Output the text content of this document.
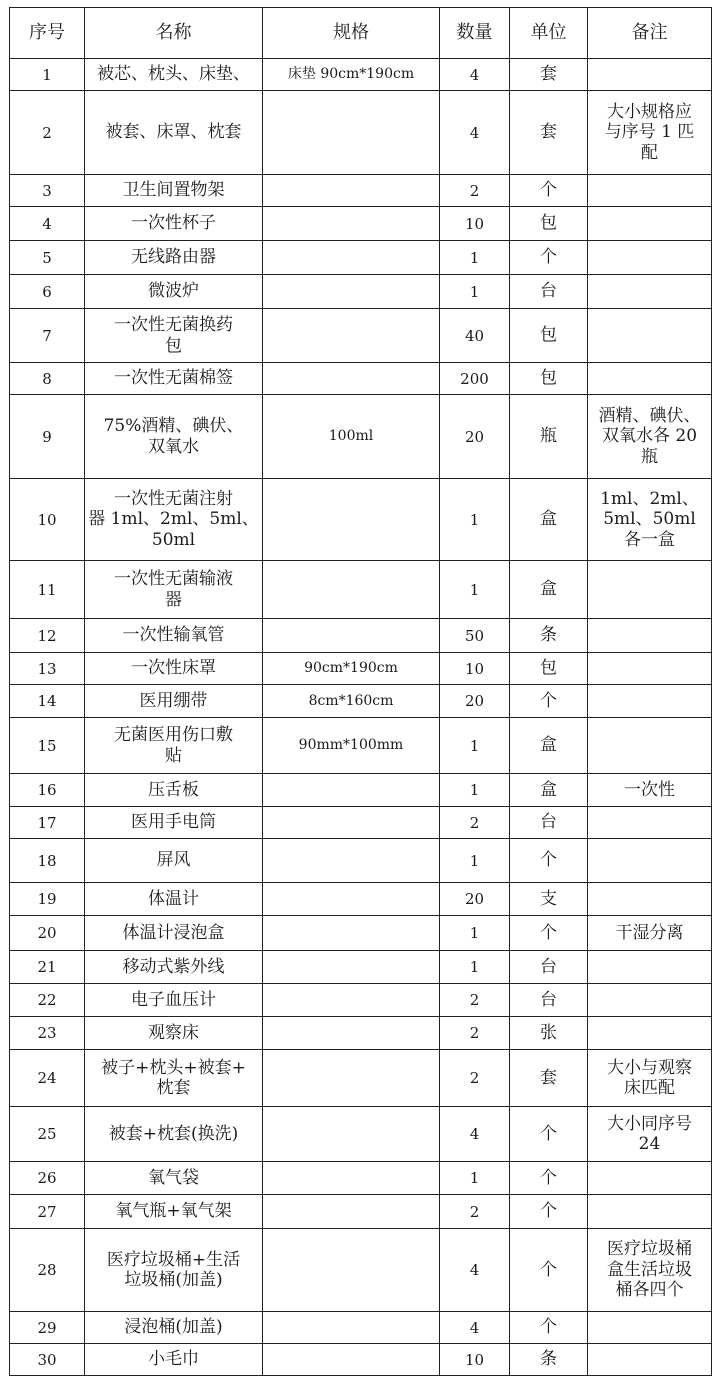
序号	名称	规格	数量	单位	备注
1	被芯、枕头、床垫、	床垫 90cm*190cm	4	套	
2	被套、床罩、枕套		4	套	大小规格应
与序号 1 匹
配
3	卫生间置物架		2	个	
4	一次性杯子		10	包	
5	无线路由器		1	个	
6	微波炉		1	台	
7	一次性无菌换药
包		40	包	
8	一次性无菌棉签		200	包	
9	75%酒精、碘伏、
双氧水	100ml	20	瓶	酒精、碘伏、
双氧水各 20
瓶
10	一次性无菌注射
器 1ml、2ml、5ml、
50ml		1	盒	1ml、2ml、
5ml、50ml
各一盒
11	一次性无菌输液
器		1	盒	
12	一次性输氧管		50	条	
13	一次性床罩	90cm*190cm	10	包	
14	医用绷带	8cm*160cm	20	个	
15	无菌医用伤口敷
贴	90mm*100mm	1	盒	
16	压舌板		1	盒	一次性
17	医用手电筒		2	台	
18	屏风		1	个	
19	体温计		20	支	
20	体温计浸泡盒		1	个	干湿分离
21	移动式紫外线		1	台	
22	电子血压计		2	台	
23	观察床		2	张	
24	被子+枕头+被套+
枕套		2	套	大小与观察
床匹配
25	被套+枕套(换洗)		4	个	大小同序号
24
26	氧气袋		1	个	
27	氧气瓶+氧气架		2	个	
28	医疗垃圾桶+生活
垃圾桶(加盖)		4	个	医疗垃圾桶
盒生活垃圾
桶各四个
29	浸泡桶(加盖)		4	个	
30	小毛巾		10	条	
